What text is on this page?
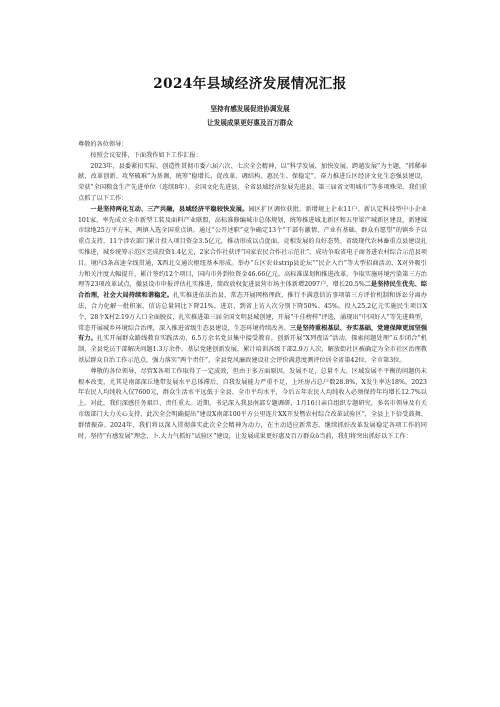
2024年县域经济发展情况汇报
坚持有感发展促进协调发展
让发展成果更好惠及百万群众

尊敬的各位领导：

按照会议安排，下面我作如下工作汇报：

2023年，县委紧扣实际，创造性贯彻市委六届六次、七次全会精神，以“科学发展、加快发展、跨越发展”为主题，“抓稀奉献、改革创新、攻坚破难”为基调，统筹“稳增长、促改革、调结构、惠民生、保稳定”，奋力推进丘区经济文化生态强县建设，荣获“全国粮食生产先进单位（连续8年）、全国文化先进县、全省县域经济发展先进县、第三届省文明城市”等多项殊荣。我们重点抓了以下工作：

一是坚持两化互动、三产共融，县域经济平稳较快发展。园区扩区调位获批，新增规上企业11户、新认定科技型中小企业101家，率先成立全市新型工装及面料产业联盟，高标准修编城市总体规划，统筹推进城北新区和五里梁产城新区建设，新建城市绿地25万平方米，两镇入选全国重点镇。通过“公开述职”竞争确定13个“干部有激情、产业有基础、群众有愿望”的镇乡予以重点支持，11个涉农部门累计投入项目资金3.5亿元，推动形成以点促面、竞相发展的良好态势。省级现代农林畜重点县建设扎实推进，城乡统筹示范区完成投资1.4亿元，2家合作社获评“国家农民合作社示范社”，成功争取省电子商务进农村综合示范县项目。境内3条高速全线贯通，X西北交通次枢纽基本形成。举办“丘区农业strip县论坛”“民企入台”等大型招商活动，X对外吸引力和关注度大幅提升，累计签约12个项目，国内市外到位资金46.66亿元。高标准谋划和推进改革，争取实施环境污染第三方治理等23项改革试点，撤县设市申报评估扎实推进，简政放权促进县营市场主体新增2097户、增长20.5%二是坚持民生优先、综合治理，社会大局持续和谐稳定。扎实推进依法治县，常态开展网格理政，推行不满意信访事项第三方评价机制和诉讼分离办法，合力化解一批积案，信访总量同比下降21%。进京、到省上访人次分别下降50%、45%。投入25.2亿元实施民生项目X个，28个X村2.19万人口全面脱贫，扎实推进第三届全国文明县城创建，开展“千佳榜样”评选，涌现出“中国好人”等先进典型，常态开展城乡环境综合治理，深入推进省级生态县建设，生态环境持续改善。三是坚持重根基层、夯实基础，党建保障更加坚强有力。扎实开展群众路线教育实践活动，6.5万余名党员集中接受教育，创新开展“X列夜话”活动，探索问题处理“五步闭合”机制，全县党员干部解决问题1.3万余件。基层党建创新发展，累计培训各级干部2.9万人次，解放街社区被确定为全市社区治理教基层群众自治工作示范点，强力落实“两个责任”，全县党风廉政建设社会评价满意度测评位居全省第42位、全市第3位。

尊敬的各位领导，尽管X各项工作取得了一定成效，但由于多方面原因，发展不足，总量不大、区域发展不平衡的问题仍未根本改变，尤其是南部深丘地带发展水平总体滞后，自我发展能力严重不足，上坯房占总户数28.8%，X发生率达18%，2023年农民人均纯收入仅7600元，群众生活水平远低于全县、全市平均水平，今后五年农民人均纯收入必须保持年均增长12.7%以上。对此，我们深感任务艰巨、责任重大。近期，书记深入我县南部专题调研，1月16日亲自组织专题研究，多名市领导及有关市级部门大力关心支持，此次全会明确提出“建设X南部100平方公里连片XX开发暨农村综合改革试验区”，全县上下倍受鼓舞、群情振奋。2024年，我们将以深入贯彻落实此次全会精神为动力，在主动适应新常态、继续抓好改革发展稳定各项工作的同时，坚持“有感发展”理念，卜.大力气抓好“试验区”建设，让发展成果更好惠及百万群众ö当前，我们将突出抓好以下工作：
